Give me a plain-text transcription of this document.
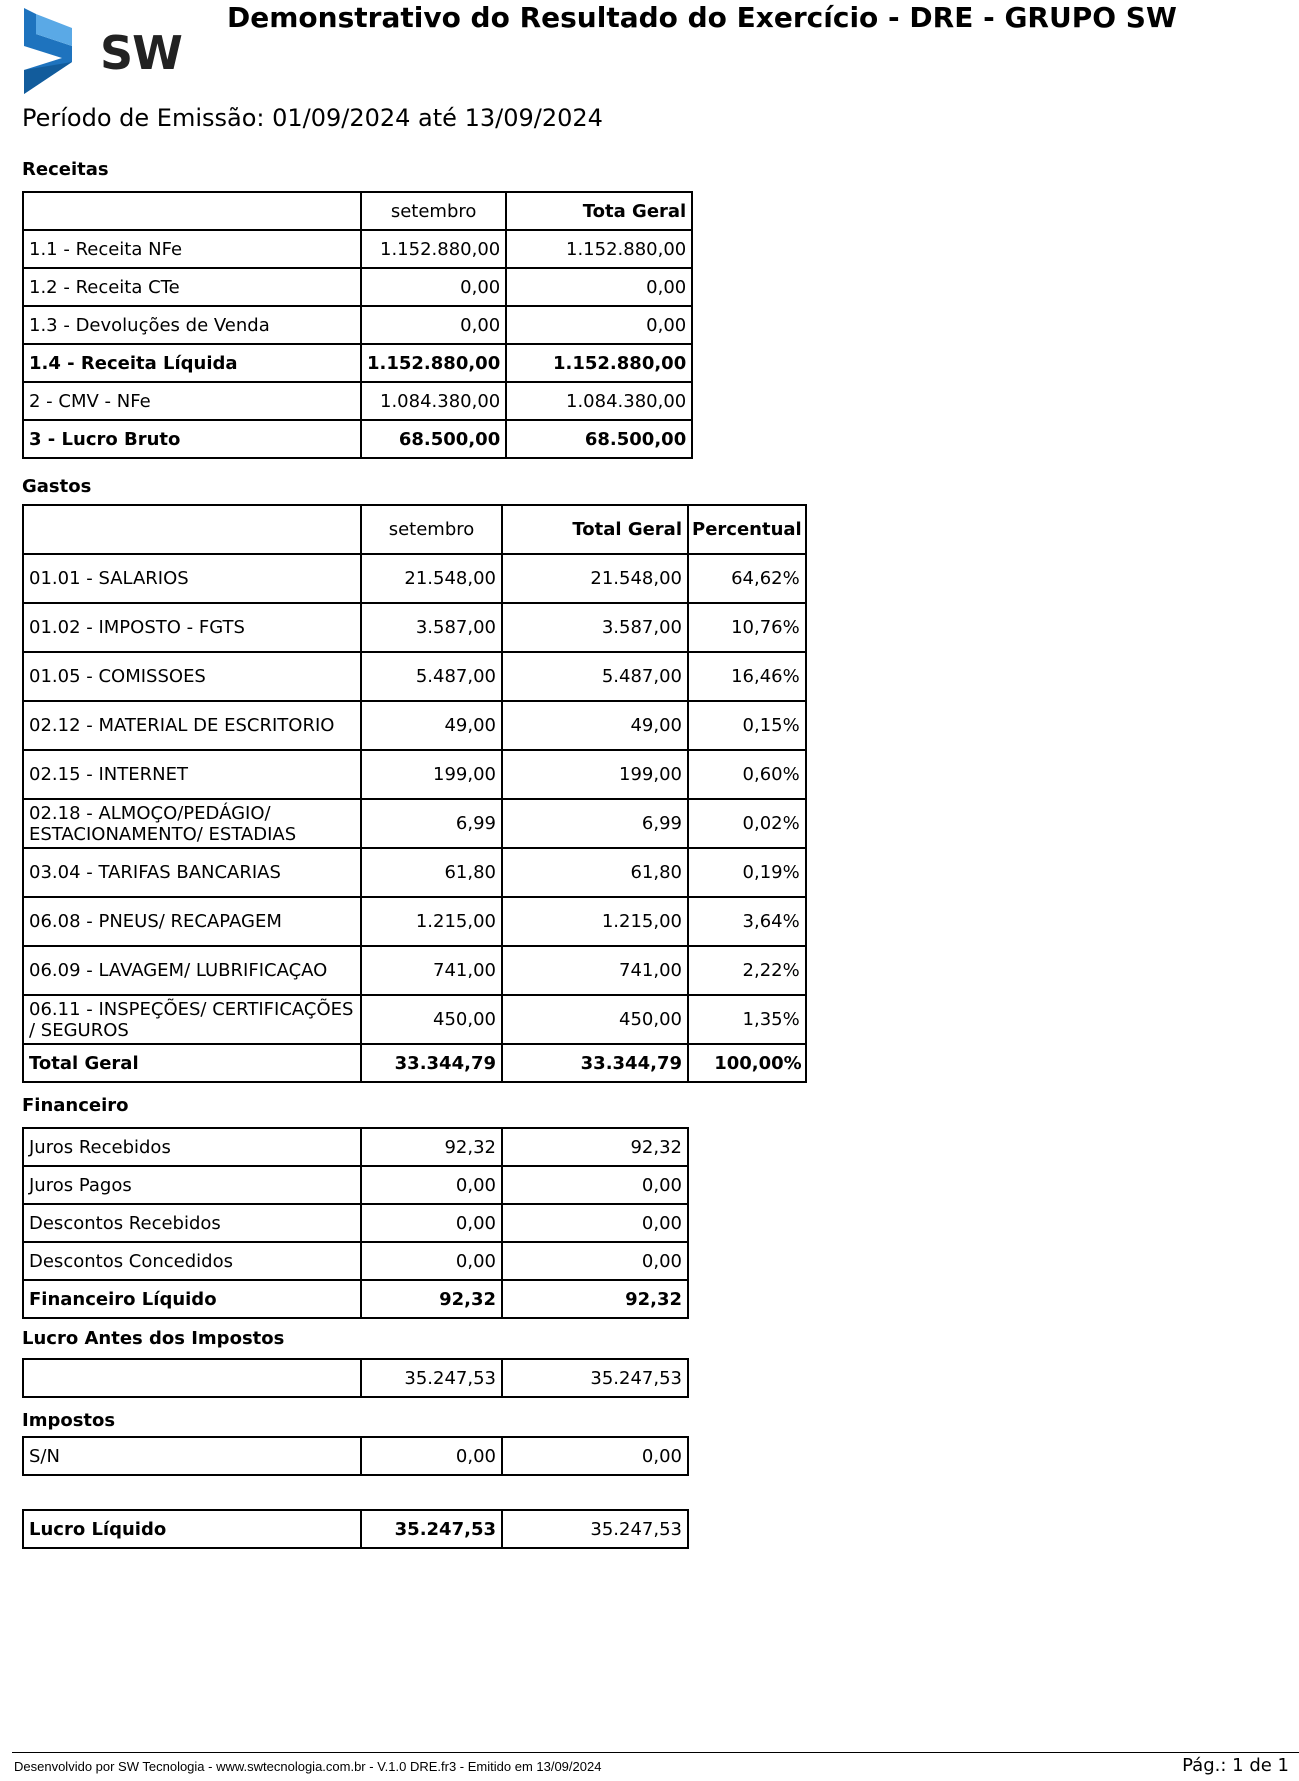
SW
Demonstrativo do Resultado do Exercício - DRE - GRUPO SW
Período de Emissão: 01/09/2024 até 13/09/2024
Receitas
	setembro	Tota Geral
1.1 - Receita NFe	1.152.880,00	1.152.880,00
1.2 - Receita CTe	0,00	0,00
1.3 - Devoluções de Venda	0,00	0,00
1.4 - Receita Líquida	1.152.880,00	1.152.880,00
2 - CMV - NFe	1.084.380,00	1.084.380,00
3 - Lucro Bruto	68.500,00	68.500,00
Gastos
	setembro	Total Geral	Percentual
01.01 - SALARIOS	21.548,00	21.548,00	64,62%
01.02 - IMPOSTO - FGTS	3.587,00	3.587,00	10,76%
01.05 - COMISSOES	5.487,00	5.487,00	16,46%
02.12 - MATERIAL DE ESCRITORIO	49,00	49,00	0,15%
02.15 - INTERNET	199,00	199,00	0,60%
02.18 - ALMOÇO/PEDÁGIO/ ESTACIONAMENTO/ ESTADIAS	6,99	6,99	0,02%
03.04 - TARIFAS BANCARIAS	61,80	61,80	0,19%
06.08 - PNEUS/ RECAPAGEM	1.215,00	1.215,00	3,64%
06.09 - LAVAGEM/ LUBRIFICAÇAO	741,00	741,00	2,22%
06.11 - INSPEÇÕES/ CERTIFICAÇÕES / SEGUROS	450,00	450,00	1,35%
Total Geral	33.344,79	33.344,79	100,00%
Financeiro
Juros Recebidos	92,32	92,32
Juros Pagos	0,00	0,00
Descontos Recebidos	0,00	0,00
Descontos Concedidos	0,00	0,00
Financeiro Líquido	92,32	92,32
Lucro Antes dos Impostos
	35.247,53	35.247,53
Impostos
S/N	0,00	0,00
Lucro Líquido	35.247,53	35.247,53
Desenvolvido por SW Tecnologia - www.swtecnologia.com.br - V.1.0 DRE.fr3 - Emitido em 13/09/2024	Pág.: 1 de 1
